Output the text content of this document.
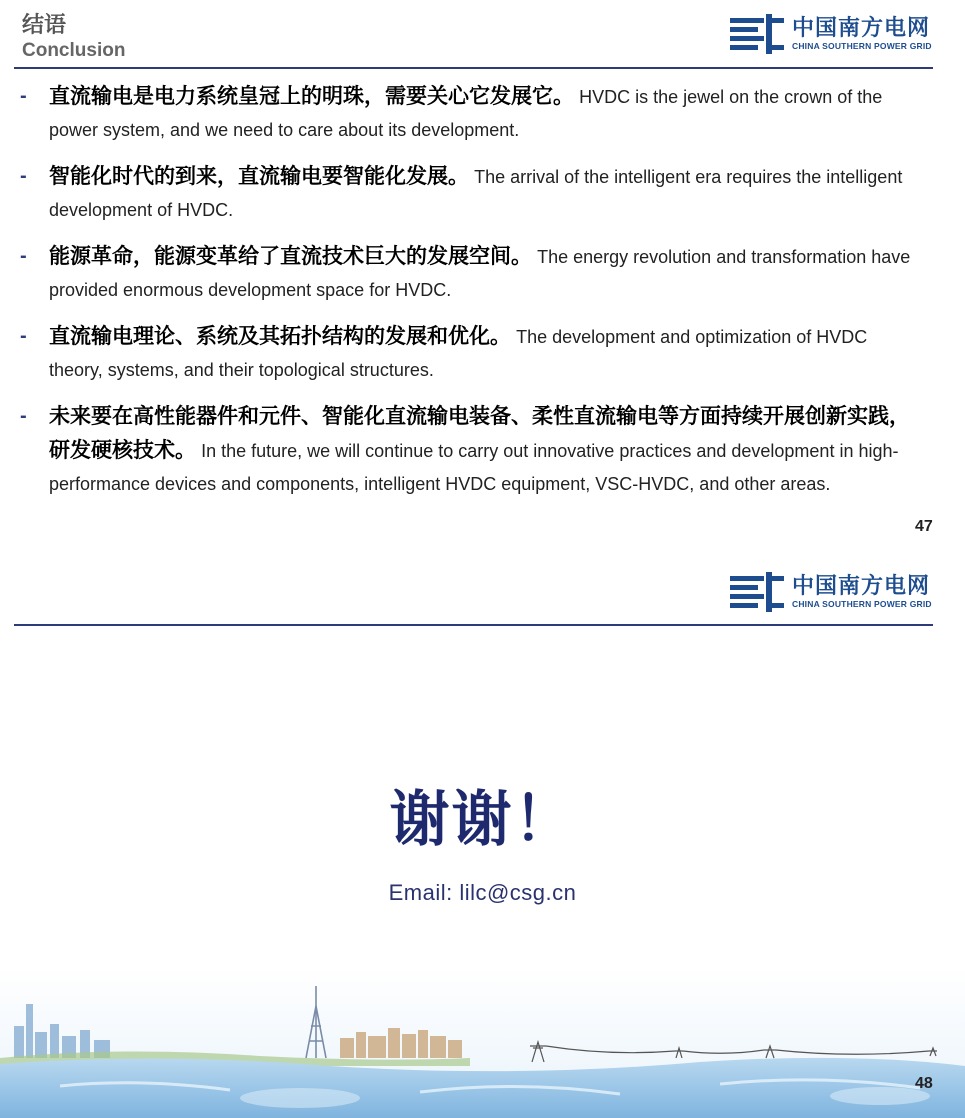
结语
Conclusion
中国南方电网
CHINA SOUTHERN POWER GRID
- 直流输电是电力系统皇冠上的明珠，需要关心它发展它。 HVDC is the jewel on the crown of the power system, and we need to care about its development.
- 智能化时代的到来，直流输电要智能化发展。 The arrival of the intelligent era requires the intelligent development of HVDC.
- 能源革命，能源变革给了直流技术巨大的发展空间。 The energy revolution and transformation have provided enormous development space for HVDC.
- 直流输电理论、系统及其拓扑结构的发展和优化。 The development and optimization of HVDC theory, systems, and their topological structures.
- 未来要在高性能器件和元件、智能化直流输电装备、柔性直流输电等方面持续开展创新实践，研发硬核技术。 In the future, we will continue to carry out innovative practices and development in high-performance devices and components, intelligent HVDC equipment, VSC-HVDC, and other areas.
47
中国南方电网
CHINA SOUTHERN POWER GRID
谢谢！
Email: lilc@csg.cn
48
